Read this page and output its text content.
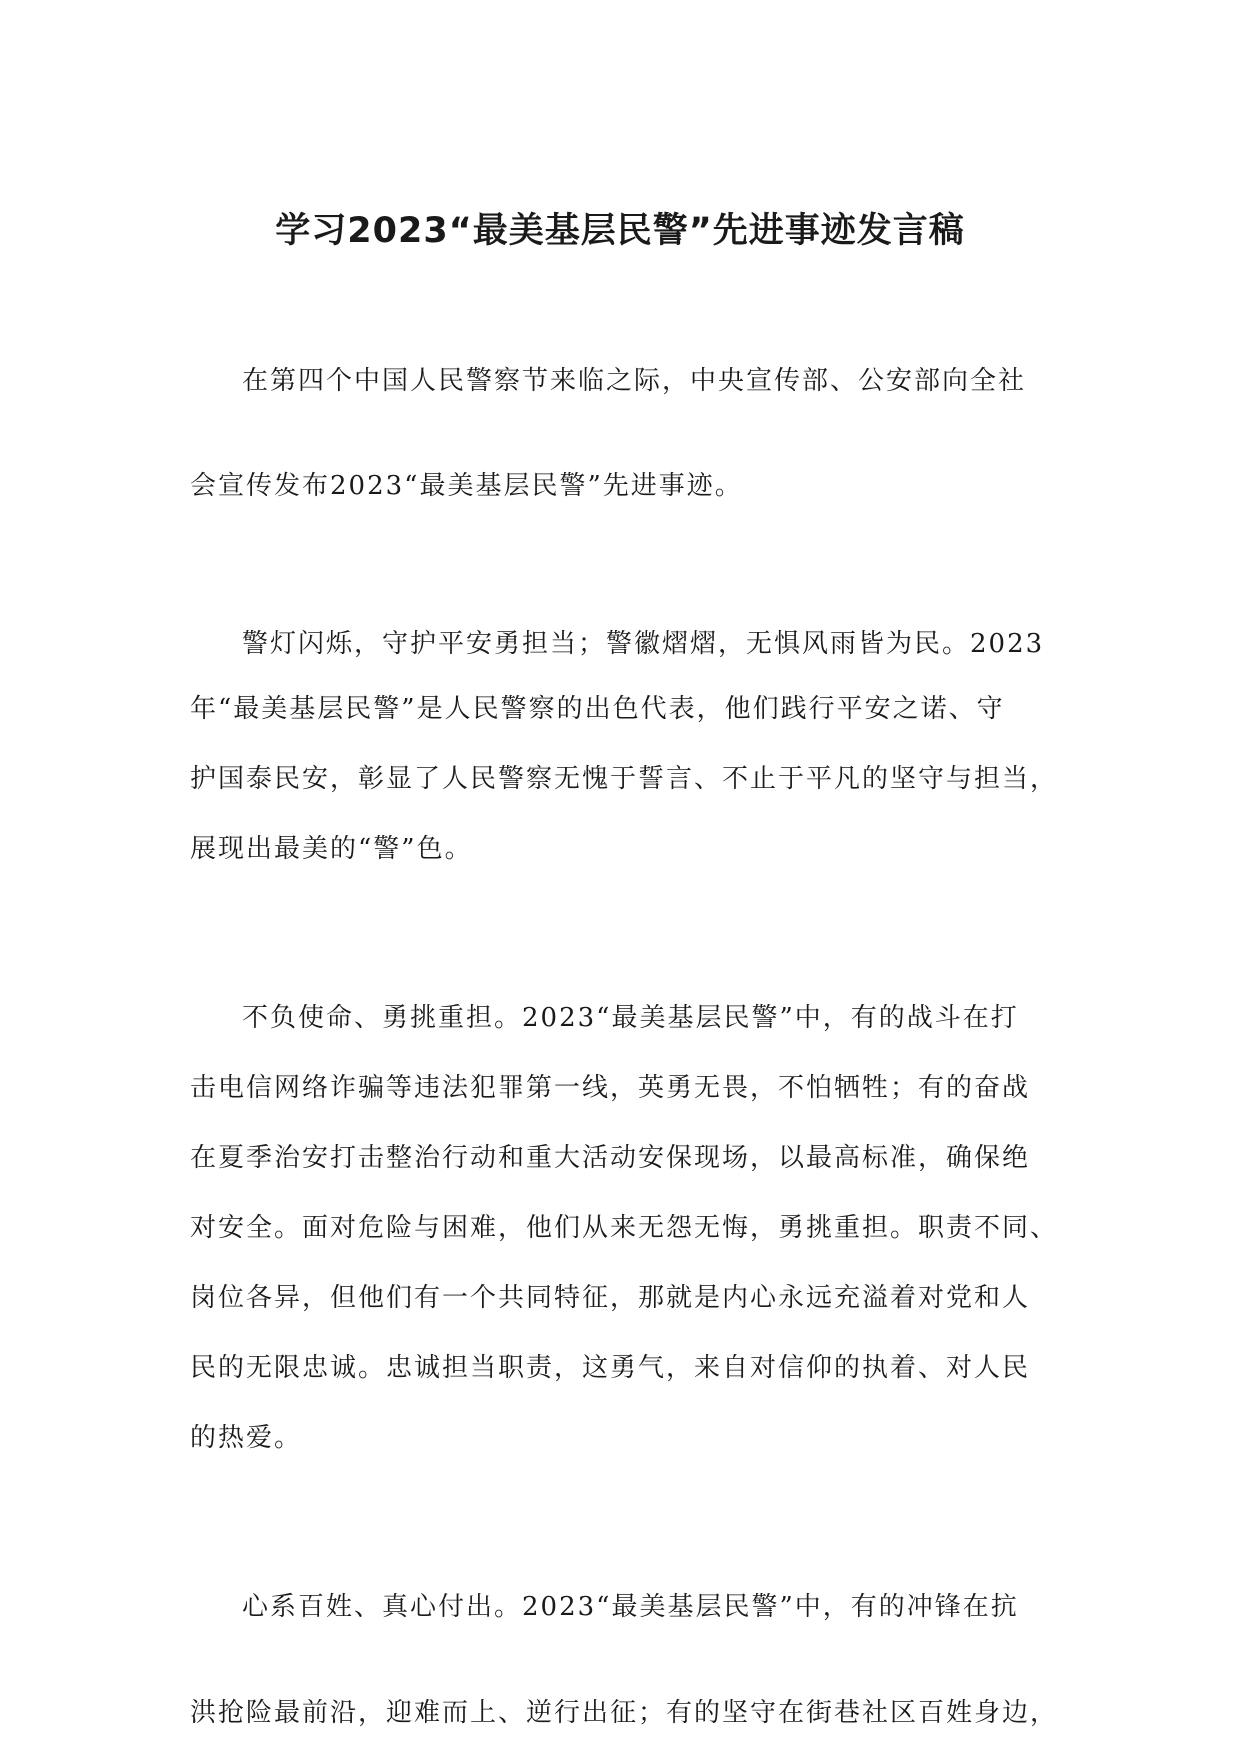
学习2023“最美基层民警”先进事迹发言稿
在第四个中国人民警察节来临之际，中央宣传部、公安部向全社
会宣传发布2023“最美基层民警”先进事迹。
警灯闪烁，守护平安勇担当；警徽熠熠，无惧风雨皆为民。2023
年“最美基层民警”是人民警察的出色代表，他们践行平安之诺、守
护国泰民安，彰显了人民警察无愧于誓言、不止于平凡的坚守与担当，
展现出最美的“警”色。
不负使命、勇挑重担。2023“最美基层民警”中，有的战斗在打
击电信网络诈骗等违法犯罪第一线，英勇无畏，不怕牺牲；有的奋战
在夏季治安打击整治行动和重大活动安保现场，以最高标准，确保绝
对安全。面对危险与困难，他们从来无怨无悔，勇挑重担。职责不同、
岗位各异，但他们有一个共同特征，那就是内心永远充溢着对党和人
民的无限忠诚。忠诚担当职责，这勇气，来自对信仰的执着、对人民
的热爱。
心系百姓、真心付出。2023“最美基层民警”中，有的冲锋在抗
洪抢险最前沿，迎难而上、逆行出征；有的坚守在街巷社区百姓身边，
